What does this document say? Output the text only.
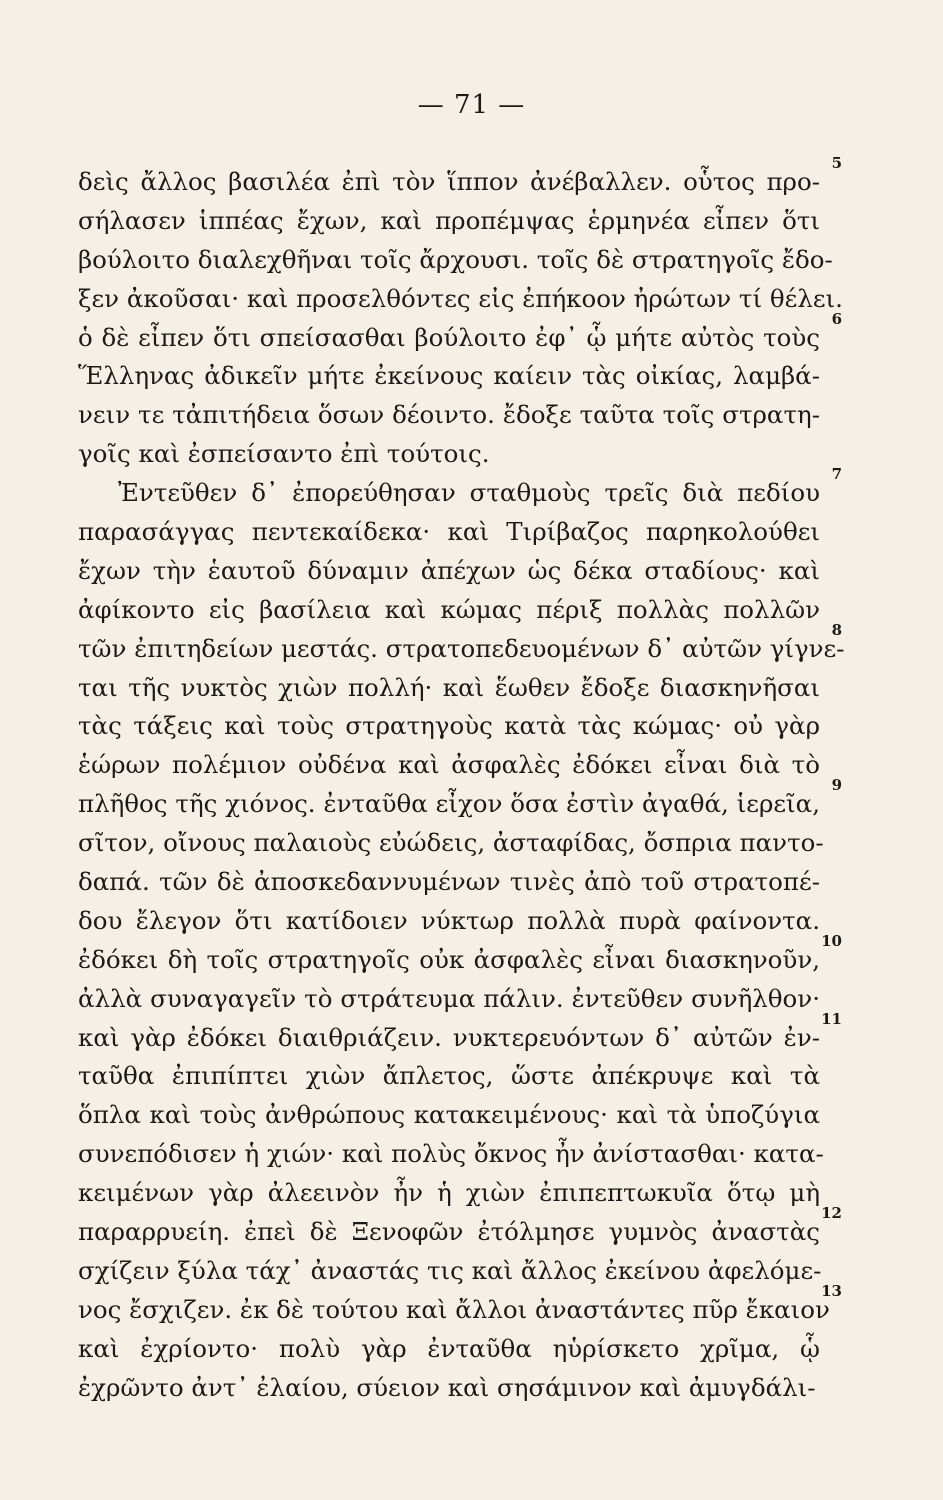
— 71 —
δεὶς ἄλλος βασιλέα ἐπὶ τὸν ἵππον ἀνέβαλλεν. οὗτος προ-
5
σήλασεν ἱππέας ἔχων, καὶ προπέμψας ἑρμηνέα εἶπεν ὅτι
βούλοιτο διαλεχθῆναι τοῖς ἄρχουσι. τοῖς δὲ στρατηγοῖς ἔδο-
ξεν ἀκοῦσαι· καὶ προσελθόντες εἰς ἐπήκοον ἠρώτων τί θέλει.
ὁ δὲ εἶπεν ὅτι σπείσασθαι βούλοιτο ἐφ᾽ ᾧ μήτε αὐτὸς τοὺς
6
Ἕλληνας ἀδικεῖν μήτε ἐκείνους καίειν τὰς οἰκίας, λαμβά-
νειν τε τἀπιτήδεια ὅσων δέοιντο. ἔδοξε ταῦτα τοῖς στρατη-
γοῖς καὶ ἐσπείσαντο ἐπὶ τούτοις.
Ἐντεῦθεν δ᾽ ἐπορεύθησαν σταθμοὺς τρεῖς διὰ πεδίου
7
παρασάγγας πεντεκαίδεκα· καὶ Τιρίβαζος παρηκολούθει
ἔχων τὴν ἑαυτοῦ δύναμιν ἀπέχων ὡς δέκα σταδίους· καὶ
ἀφίκοντο εἰς βασίλεια καὶ κώμας πέριξ πολλὰς πολλῶν
τῶν ἐπιτηδείων μεστάς. στρατοπεδευομένων δ᾽ αὐτῶν γίγνε-
8
ται τῆς νυκτὸς χιὼν πολλή· καὶ ἕωθεν ἔδοξε διασκηνῆσαι
τὰς τάξεις καὶ τοὺς στρατηγοὺς κατὰ τὰς κώμας· οὐ γὰρ
ἑώρων πολέμιον οὐδένα καὶ ἀσφαλὲς ἐδόκει εἶναι διὰ τὸ
πλῆθος τῆς χιόνος. ἐνταῦθα εἶχον ὅσα ἐστὶν ἀγαθά, ἱερεῖα,
9
σῖτον, οἴνους παλαιοὺς εὐώδεις, ἀσταφίδας, ὄσπρια παντο-
δαπά. τῶν δὲ ἀποσκεδαννυμένων τινὲς ἀπὸ τοῦ στρατοπέ-
δου ἔλεγον ὅτι κατίδοιεν νύκτωρ πολλὰ πυρὰ φαίνοντα.
ἐδόκει δὴ τοῖς στρατηγοῖς οὐκ ἀσφαλὲς εἶναι διασκηνοῦν,
10
ἀλλὰ συναγαγεῖν τὸ στράτευμα πάλιν. ἐντεῦθεν συνῆλθον·
καὶ γὰρ ἐδόκει διαιθριάζειν. νυκτερευόντων δ᾽ αὐτῶν ἐν-
11
ταῦθα ἐπιπίπτει χιὼν ἄπλετος, ὥστε ἀπέκρυψε καὶ τὰ
ὅπλα καὶ τοὺς ἀνθρώπους κατακειμένους· καὶ τὰ ὑποζύγια
συνεπόδισεν ἡ χιών· καὶ πολὺς ὄκνος ἦν ἀνίστασθαι· κατα-
κειμένων γὰρ ἀλεεινὸν ἦν ἡ χιὼν ἐπιπεπτωκυῖα ὅτῳ μὴ
παραρρυείη. ἐπεὶ δὲ Ξενοφῶν ἐτόλμησε γυμνὸς ἀναστὰς
12
σχίζειν ξύλα τάχ᾽ ἀναστάς τις καὶ ἄλλος ἐκείνου ἀφελόμε-
νος ἔσχιζεν. ἐκ δὲ τούτου καὶ ἄλλοι ἀναστάντες πῦρ ἔκαιον
13
καὶ ἐχρίοντο· πολὺ γὰρ ἐνταῦθα ηὑρίσκετο χρῖμα, ᾧ
ἐχρῶντο ἀντ᾽ ἐλαίου, σύειον καὶ σησάμινον καὶ ἀμυγδάλι-
